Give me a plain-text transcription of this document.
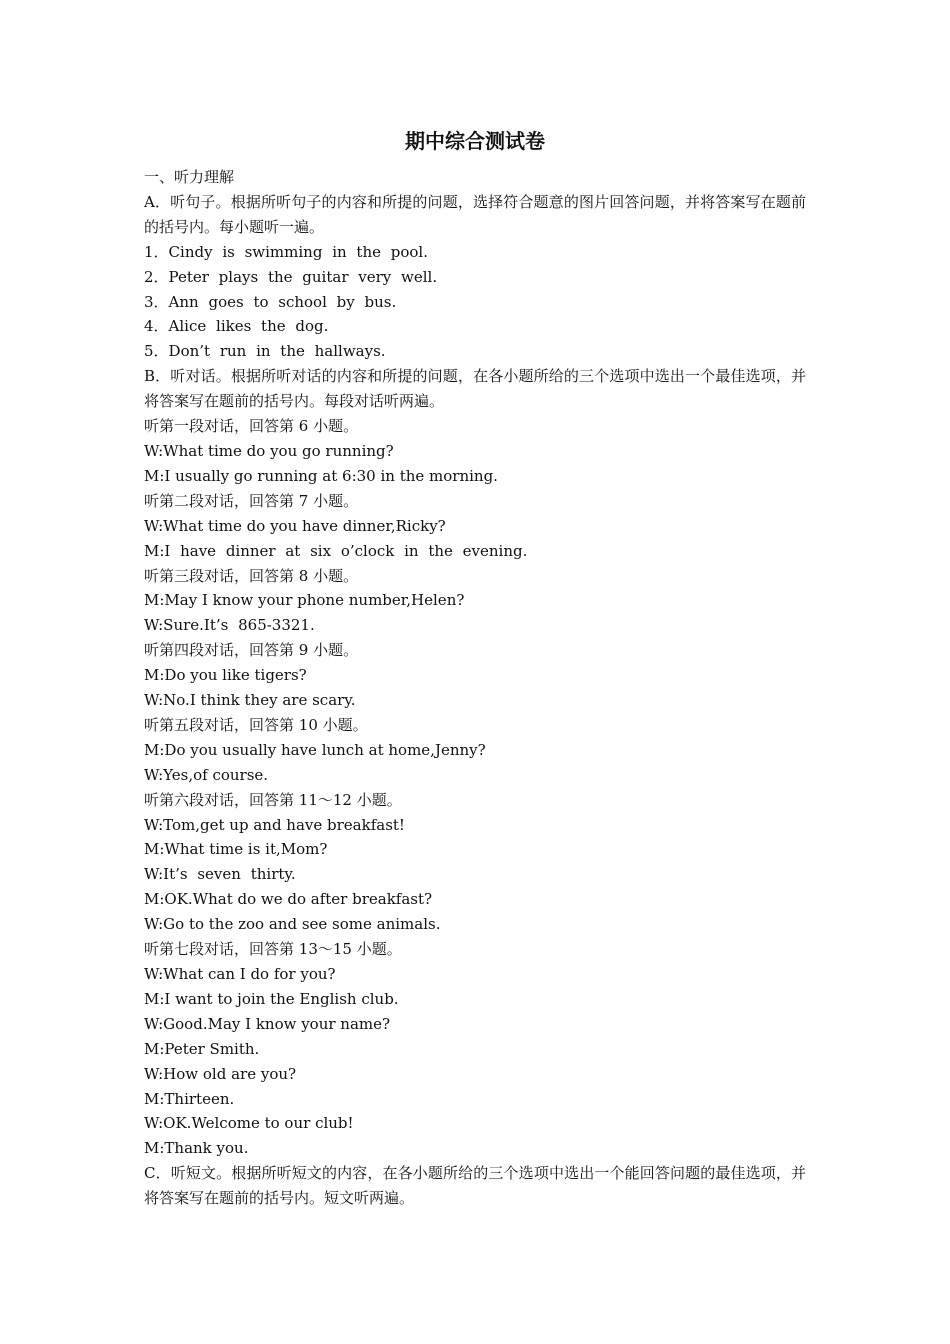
期中综合测试卷

一、听力理解

A．听句子。根据所听句子的内容和所提的问题，选择符合题意的图片回答问题，并将答案写在题前的括号内。每小题听一遍。

1．Cindy is swimming in the pool.

2．Peter plays the guitar very well.

3．Ann goes to school by bus.

4．Alice likes the dog.

5．Don’t run in the hallways.

B．听对话。根据所听对话的内容和所提的问题，在各小题所给的三个选项中选出一个最佳选项，并将答案写在题前的括号内。每段对话听两遍。

听第一段对话，回答第 6 小题。

W:What time do you go running?

M:I usually go running at 6:30 in the morning.

听第二段对话，回答第 7 小题。

W:What time do you have dinner,Ricky?

M:I have dinner at six o’clock in the evening.

听第三段对话，回答第 8 小题。

M:May I know your phone number,Helen?

W:Sure.It’s 865-3321.

听第四段对话，回答第 9 小题。

M:Do you like tigers?

W:No.I think they are scary.

听第五段对话，回答第 10 小题。

M:Do you usually have lunch at home,Jenny?

W:Yes,of course.

听第六段对话，回答第 11～12 小题。

W:Tom,get up and have breakfast!

M:What time is it,Mom?

W:It’s seven thirty.

M:OK.What do we do after breakfast?

W:Go to the zoo and see some animals.

听第七段对话，回答第 13～15 小题。

W:What can I do for you?

M:I want to join the English club.

W:Good.May I know your name?

M:Peter Smith.

W:How old are you?

M:Thirteen.

W:OK.Welcome to our club!

M:Thank you.

C．听短文。根据所听短文的内容，在各小题所给的三个选项中选出一个能回答问题的最佳选项，并将答案写在题前的括号内。短文听两遍。
